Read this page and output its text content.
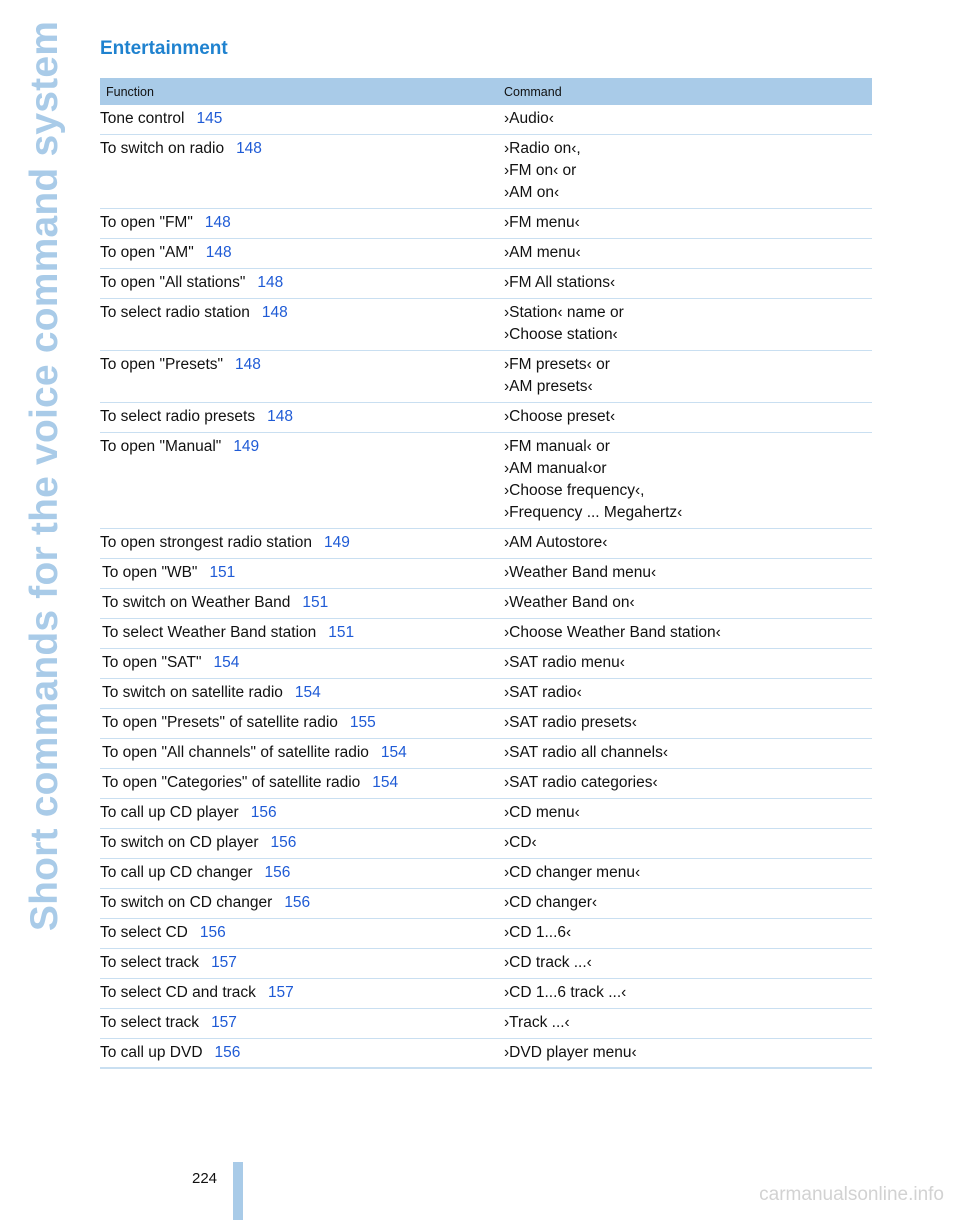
Short commands for the voice command system Entertainment
Function	Command
Tone control 145	›Audio‹
To switch on radio 148	›Radio on‹,
›FM on‹ or
›AM on‹
To open "FM" 148	›FM menu‹
To open "AM" 148	›AM menu‹
To open "All stations" 148	›FM All stations‹
To select radio station 148	›Station‹ name or
›Choose station‹
To open "Presets" 148	›FM presets‹ or
›AM presets‹
To select radio presets 148	›Choose preset‹
To open "Manual" 149	›FM manual‹ or
›AM manual‹or
›Choose frequency‹,
›Frequency ... Megahertz‹
To open strongest radio station 149	›AM Autostore‹
To open "WB" 151	›Weather Band menu‹
To switch on Weather Band 151	›Weather Band on‹
To select Weather Band station 151	›Choose Weather Band station‹
To open "SAT" 154	›SAT radio menu‹
To switch on satellite radio 154	›SAT radio‹
To open "Presets" of satellite radio 155	›SAT radio presets‹
To open "All channels" of satellite radio 154	›SAT radio all channels‹
To open "Categories" of satellite radio 154	›SAT radio categories‹
To call up CD player 156	›CD menu‹
To switch on CD player 156	›CD‹
To call up CD changer 156	›CD changer menu‹
To switch on CD changer 156	›CD changer‹
To select CD 156	›CD 1...6‹
To select track 157	›CD track ...‹
To select CD and track 157	›CD 1...6 track ...‹
To select track 157	›Track ...‹
To call up DVD 156	›DVD player menu‹
224
carmanualsonline.info
